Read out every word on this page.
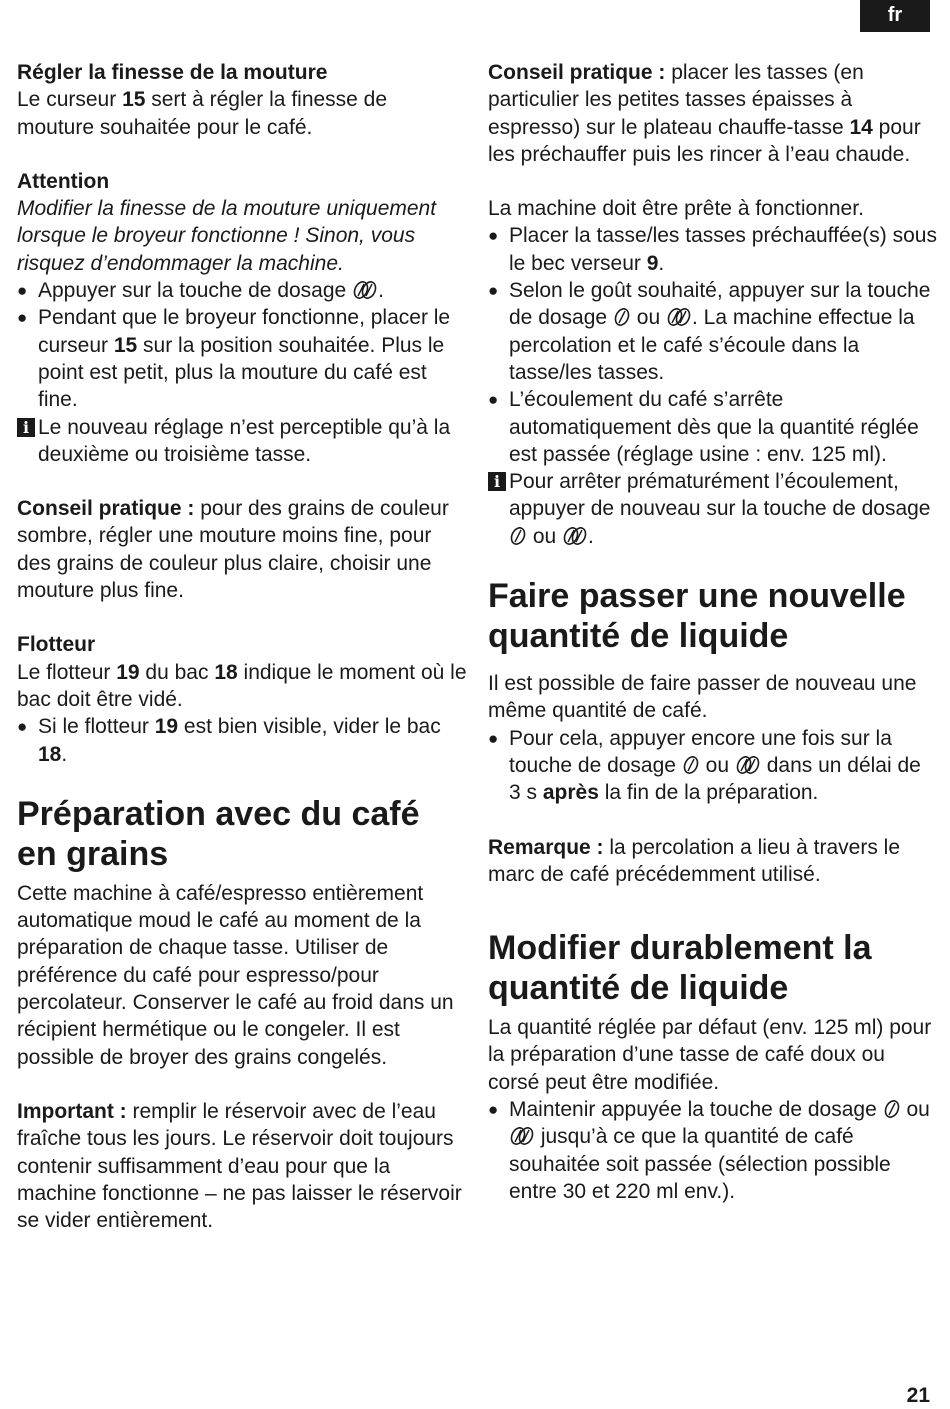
fr

Régler la finesse de la mouture

Le curseur 15 sert à régler la finesse de mouture souhaitée pour le café.

Attention

Modifier la finesse de la mouture uniquement lorsque le broyeur fonctionne ! Sinon, vous risquez d’endommager la machine.

● Appuyer sur la touche de dosage .

● Pendant que le broyeur fonctionne, placer le curseur 15 sur la position souhaitée. Plus le point est petit, plus la mouture du café est fine.

i Le nouveau réglage n’est perceptible qu’à la deuxième ou troisième tasse.

Conseil pratique : pour des grains de couleur sombre, régler une mouture moins fine, pour des grains de couleur plus claire, choisir une mouture plus fine.

Flotteur

Le flotteur 19 du bac 18 indique le moment où le bac doit être vidé.

● Si le flotteur 19 est bien visible, vider le bac 18.

Préparation avec du café en grains

Cette machine à café/espresso entièrement automatique moud le café au moment de la préparation de chaque tasse. Utiliser de préférence du café pour espresso/pour percolateur. Conserver le café au froid dans un récipient hermétique ou le congeler. Il est possible de broyer des grains congelés.

Important : remplir le réservoir avec de l’eau fraîche tous les jours. Le réservoir doit toujours contenir suffisamment d’eau pour que la machine fonctionne – ne pas laisser le réservoir se vider entièrement.

Conseil pratique : placer les tasses (en particulier les petites tasses épaisses à espresso) sur le plateau chauffe-tasse 14 pour les préchauffer puis les rincer à l’eau chaude.

La machine doit être prête à fonctionner.

● Placer la tasse/les tasses préchauffée(s) sous le bec verseur 9.

● Selon le goût souhaité, appuyer sur la touche de dosage ou . La machine effectue la percolation et le café s’écoule dans la tasse/les tasses.

● L’écoulement du café s’arrête automatiquement dès que la quantité réglée est passée (réglage usine : env. 125 ml).

i Pour arrêter prématurément l’écoulement, appuyer de nouveau sur la touche de dosage  ou .

Faire passer une nouvelle quantité de liquide

Il est possible de faire passer de nouveau une même quantité de café.

● Pour cela, appuyer encore une fois sur la touche de dosage ou  dans un délai de 3 s après la fin de la préparation.

Remarque : la percolation a lieu à travers le marc de café précédemment utilisé.

Modifier durablement la quantité de liquide

La quantité réglée par défaut (env. 125 ml) pour la préparation d’une tasse de café doux ou corsé peut être modifiée.

● Maintenir appuyée la touche de dosage ou  jusqu’à ce que la quantité de café souhaitée soit passée (sélection possible entre 30 et 220 ml env.).

21
